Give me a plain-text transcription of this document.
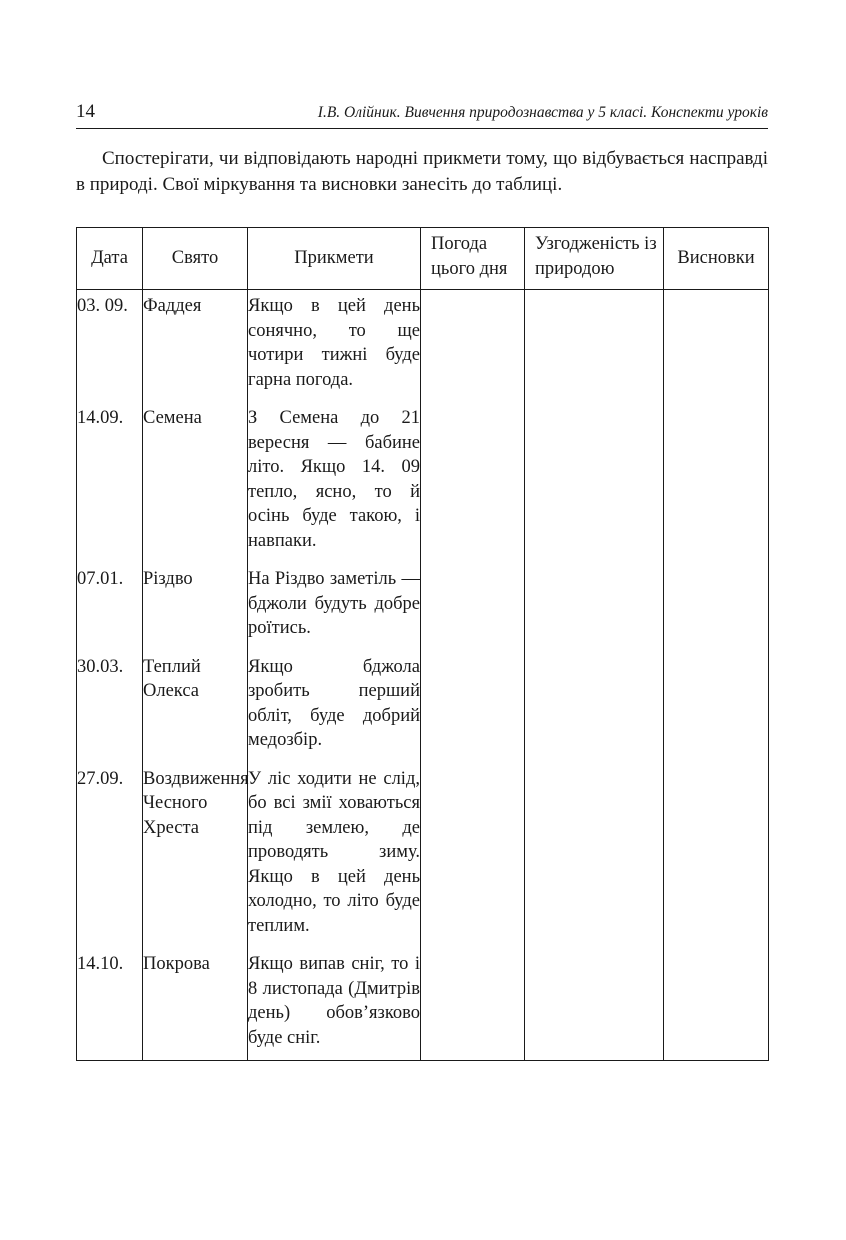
14	І.В. Олійник. Вивчення природознавства у 5 класі. Конспекти уроків

Спостерігати, чи відповідають народні прикмети тому, що відбувається насправді в природі. Свої міркування та висновки занесіть до таблиці.

Дата	Свято	Прикмети	Погода цього дня	Узгодженість із природою	Висновки
03. 09.	Фаддея	Якщо в цей день сонячно, то ще чотири тижні буде гарна погода.			
14.09.	Семена	З Семена до 21 вересня — бабине літо. Якщо 14. 09 тепло, ясно, то й осінь буде такою, і навпаки.			
07.01.	Різдво	На Різдво заметіль — бджоли будуть добре роїтись.			
30.03.	Теплий Олекса	Якщо бджола зробить перший обліт, буде добрий медозбір.			
27.09.	Воздвиження Чесного Хреста	У ліс ходити не слід, бо всі змії ховаються під землею, де проводять зиму. Якщо в цей день холодно, то літо буде теплим.			
14.10.	Покрова	Якщо випав сніг, то і 8 листопада (Дмитрів день) обов’язково буде сніг.			
